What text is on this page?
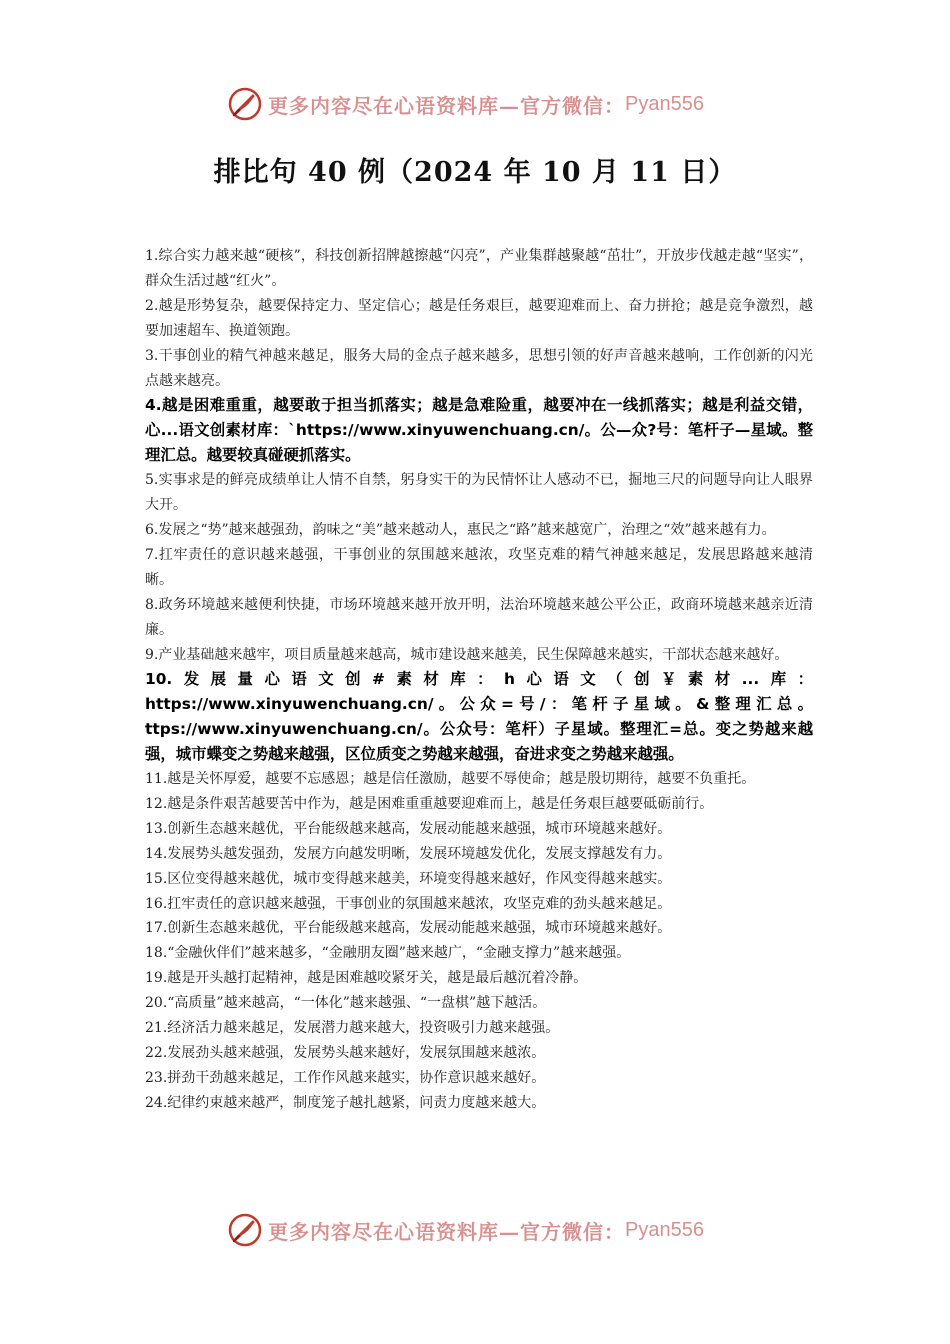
更多内容尽在心语资料库—官方微信： Pyan556
排比句 40 例（2024 年 10 月 11 日）

1.综合实力越来越“硬核”，科技创新招牌越擦越“闪亮”，产业集群越聚越“茁壮”，开放步伐越走越“坚实”，群众生活过越“红火”。

2.越是形势复杂，越要保持定力、坚定信心；越是任务艰巨，越要迎难而上、奋力拼抢；越是竞争激烈，越要加速超车、换道领跑。

3.干事创业的精气神越来越足，服务大局的金点子越来越多，思想引领的好声音越来越响，工作创新的闪光点越来越亮。

4.越是困难重重，越要敢于担当抓落实；越是急难险重，越要冲在一线抓落实；越是利益交错，心...语文创素材库：`https://www.xinyuwenchuang.cn/。公—众?号：笔杆子—星域。整理汇总。越要较真碰硬抓落实。

5.实事求是的鲜亮成绩单让人情不自禁，躬身实干的为民情怀让人感动不已，掘地三尺的问题导向让人眼界大开。

6.发展之“势”越来越强劲，韵味之“美”越来越动人，惠民之“路”越来越宽广，治理之“效”越来越有力。

7.扛牢责任的意识越来越强，干事创业的氛围越来越浓，攻坚克难的精气神越来越足，发展思路越来越清晰。

8.政务环境越来越便利快捷，市场环境越来越开放开明，法治环境越来越公平公正，政商环境越来越亲近清廉。

9.产业基础越来越牢，项目质量越来越高，城市建设越来越美，民生保障越来越实，干部状态越来越好。

10.发展量心语文创#素材库：h心语文（创￥素材...库：https://www.xinyuwenchuang.cn/。公众=号/：笔杆子星域。&整理汇总。ttps://www.xinyuwenchuang.cn/。公众号：笔杆）子星域。整理汇=总。变之势越来越强，城市蝶变之势越来越强，区位质变之势越来越强，奋进求变之势越来越强。

11.越是关怀厚爱，越要不忘感恩；越是信任激励，越要不辱使命；越是殷切期待，越要不负重托。

12.越是条件艰苦越要苦中作为，越是困难重重越要迎难而上，越是任务艰巨越要砥砺前行。

13.创新生态越来越优，平台能级越来越高，发展动能越来越强，城市环境越来越好。

14.发展势头越发强劲，发展方向越发明晰，发展环境越发优化，发展支撑越发有力。

15.区位变得越来越优，城市变得越来越美，环境变得越来越好，作风变得越来越实。

16.扛牢责任的意识越来越强，干事创业的氛围越来越浓，攻坚克难的劲头越来越足。

17.创新生态越来越优，平台能级越来越高，发展动能越来越强，城市环境越来越好。

18.“金融伙伴们”越来越多，“金融朋友圈”越来越广，“金融支撑力”越来越强。

19.越是开头越打起精神，越是困难越咬紧牙关，越是最后越沉着冷静。

20.“高质量”越来越高，“一体化”越来越强、“一盘棋”越下越活。

21.经济活力越来越足，发展潜力越来越大，投资吸引力越来越强。

22.发展劲头越来越强，发展势头越来越好，发展氛围越来越浓。

23.拼劲干劲越来越足，工作作风越来越实，协作意识越来越好。

24.纪律约束越来越严，制度笼子越扎越紧，问责力度越来越大。

更多内容尽在心语资料库—官方微信： Pyan556
